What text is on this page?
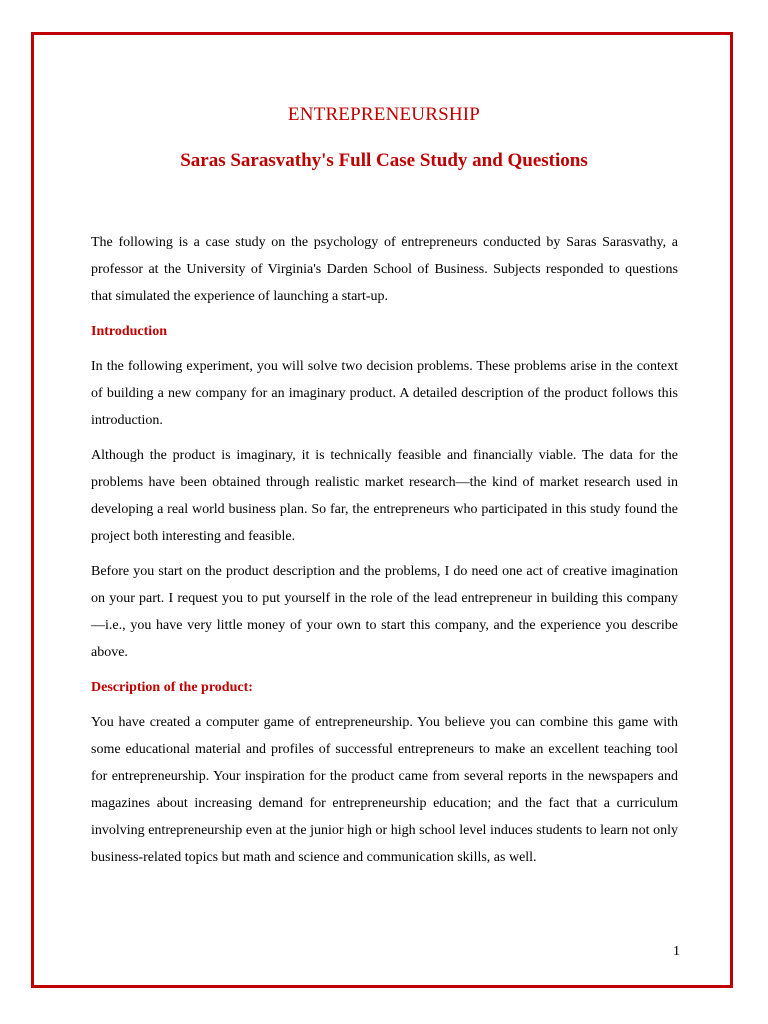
ENTREPRENEURSHIP
Saras Sarasvathy's Full Case Study and Questions

The following is a case study on the psychology of entrepreneurs conducted by Saras Sarasvathy, a professor at the University of Virginia's Darden School of Business. Subjects responded to questions that simulated the experience of launching a start-up.

Introduction

In the following experiment, you will solve two decision problems. These problems arise in the context of building a new company for an imaginary product. A detailed description of the product follows this introduction.

Although the product is imaginary, it is technically feasible and financially viable. The data for the problems have been obtained through realistic market research—the kind of market research used in developing a real world business plan. So far, the entrepreneurs who participated in this study found the project both interesting and feasible.

Before you start on the product description and the problems, I do need one act of creative imagination on your part. I request you to put yourself in the role of the lead entrepreneur in building this company—i.e., you have very little money of your own to start this company, and the experience you describe above.

Description of the product:

You have created a computer game of entrepreneurship. You believe you can combine this game with some educational material and profiles of successful entrepreneurs to make an excellent teaching tool for entrepreneurship. Your inspiration for the product came from several reports in the newspapers and magazines about increasing demand for entrepreneurship education; and the fact that a curriculum involving entrepreneurship even at the junior high or high school level induces students to learn not only business-related topics but math and science and communication skills, as well.

1
